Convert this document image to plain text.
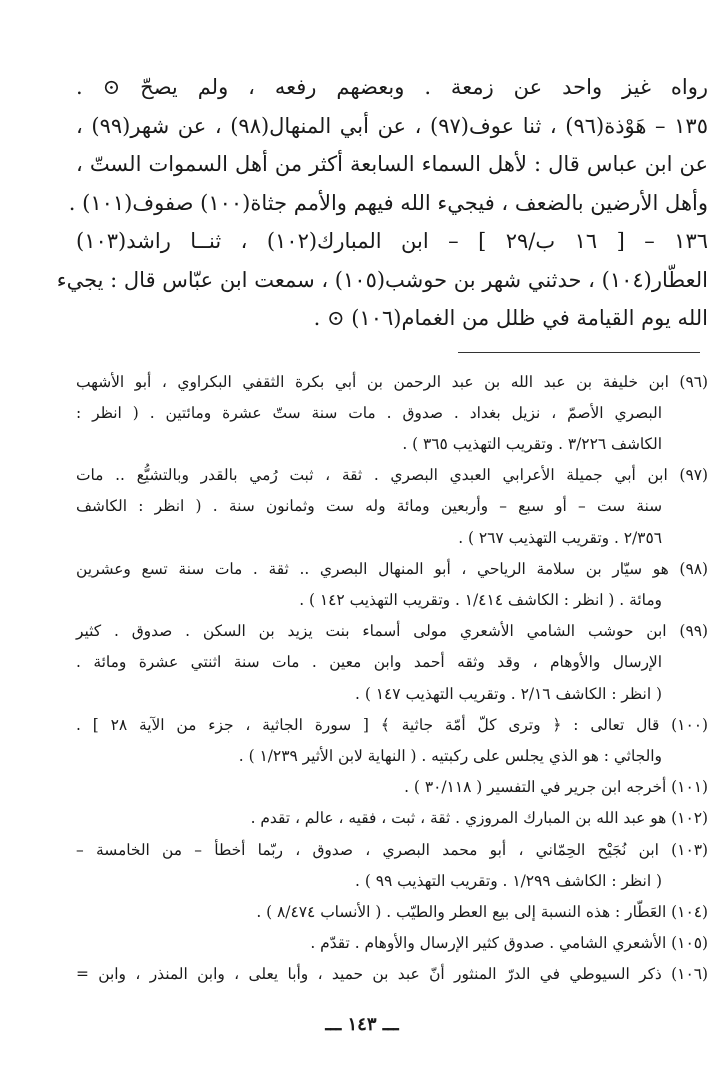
رواه غيز واحد عن زمعة . وبعضهم رفعه ، ولم يصحّ ⊙ .

١٣٥ – هَوْذة(٩٦) ، ثنا عوف(٩٧) ، عن أبي المنهال(٩٨) ، عن شهر(٩٩) ،

عن ابن عباس قال : لأهل السماء السابعة أكثر من أهل السموات الستّ ،

وأهل الأرضين بالضعف ، فيجيء الله فيهم والأمم جثاة(١٠٠) صفوف(١٠١) .

١٣٦ – [ ١٦ ب/٢٩ ] – ابن المبارك(١٠٢) ، ثنــا راشد(١٠٣)

العطّار(١٠٤) ، حدثني شهر بن حوشب(١٠٥) ، سمعت ابن عبّاس قال : يجيء

الله يوم القيامة في ظلل من الغمام(١٠٦) ⊙ .

(٩٦) ابن خليفة بن عبد الله بن عبد الرحمن بن أبي بكرة الثقفي البكراوي ، أبو الأشهب
البصري الأصمّ ، نزيل بغداد . صدوق . مات سنة ستّ عشرة ومائتين . ( انظر :
الكاشف ٣/٢٢٦ . وتقريب التهذيب ٣٦٥ ) .
(٩٧) ابن أبي جميلة الأعرابي العبدي البصري . ثقة ، ثبت رُمي بالقدر وبالتشيُّع .. مات
سنة ست – أو سبع – وأربعين ومائة وله ست وثمانون سنة . ( انظر : الكاشف
٢/٣٥٦ . وتقريب التهذيب ٢٦٧ ) .
(٩٨) هو سيّار بن سلامة الرياحي ، أبو المنهال البصري .. ثقة . مات سنة تسع وعشرين
ومائة . ( انظر : الكاشف ١/٤١٤ . وتقريب التهذيب ١٤٢ ) .
(٩٩) ابن حوشب الشامي الأشعري مولى أسماء بنت يزيد بن السكن . صدوق . كثير
الإرسال والأوهام ، وقد وثقه أحمد وابن معين . مات سنة اثنتي عشرة ومائة .
( انظر : الكاشف ٢/١٦ . وتقريب التهذيب ١٤٧ ) .
(١٠٠) قال تعالى : ﴿ وترى كلّ أمّة جاثية ﴾ [ سورة الجاثية ، جزء من الآية ٢٨ ] .
والجاثي : هو الذي يجلس على ركبتيه . ( النهاية لابن الأثير ١/٢٣٩ ) .
(١٠١) أخرجه ابن جرير في التفسير ( ٣٠/١١٨ ) .
(١٠٢) هو عبد الله بن المبارك المروزي . ثقة ، ثبت ، فقيه ، عالم ، تقدم .
(١٠٣) ابن نُجَيْح الحِمّاني ، أبو محمد البصري ، صدوق ، ربّما أخطأ – من الخامسة –
( انظر : الكاشف ١/٢٩٩ . وتقريب التهذيب ٩٩ ) .
(١٠٤) العَطّار : هذه النسبة إلى بيع العطر والطيّب . ( الأنساب ٨/٤٧٤ ) .
(١٠٥) الأشعري الشامي . صدوق كثير الإرسال والأوهام . تقدّم .
(١٠٦) ذكر السيوطي في الدرّ المنثور أنّ عبد بن حميد ، وأبا يعلى ، وابن المنذر ، وابن =
ـــ ١٤٣ ـــ
